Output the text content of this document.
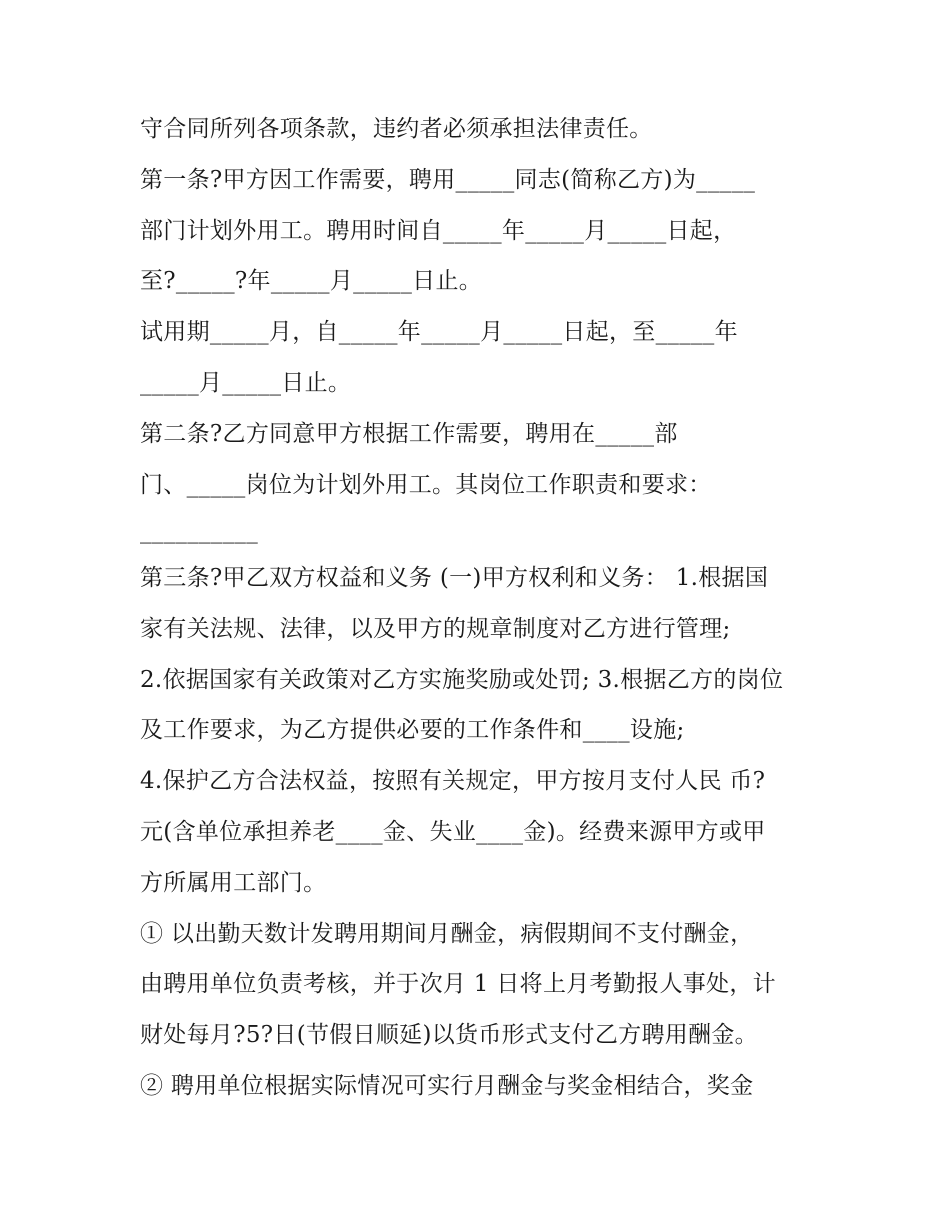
守合同所列各项条款，违约者必须承担法律责任。
第一条?甲方因工作需要，聘用_____同志(简称乙方)为_____
部门计划外用工。聘用时间自_____年_____月_____日起，
至?_____?年_____月_____日止。
试用期_____月，自_____年_____月_____日起，至_____年
_____月_____日止。
第二条?乙方同意甲方根据工作需要，聘用在_____部
门、_____岗位为计划外用工。其岗位工作职责和要求：
__________
第三条?甲乙双方权益和义务 (一)甲方权利和义务： 1.根据国
家有关法规、法律，以及甲方的规章制度对乙方进行管理;
2.依据国家有关政策对乙方实施奖励或处罚; 3.根据乙方的岗位
及工作要求，为乙方提供必要的工作条件和____设施;
4.保护乙方合法权益，按照有关规定，甲方按月支付人民 币?
元(含单位承担养老____金、失业____金)。经费来源甲方或甲
方所属用工部门。
① 以出勤天数计发聘用期间月酬金，病假期间不支付酬金，
由聘用单位负责考核，并于次月 1 日将上月考勤报人事处，计
财处每月?5?日(节假日顺延)以货币形式支付乙方聘用酬金。
② 聘用单位根据实际情况可实行月酬金与奖金相结合，奖金
